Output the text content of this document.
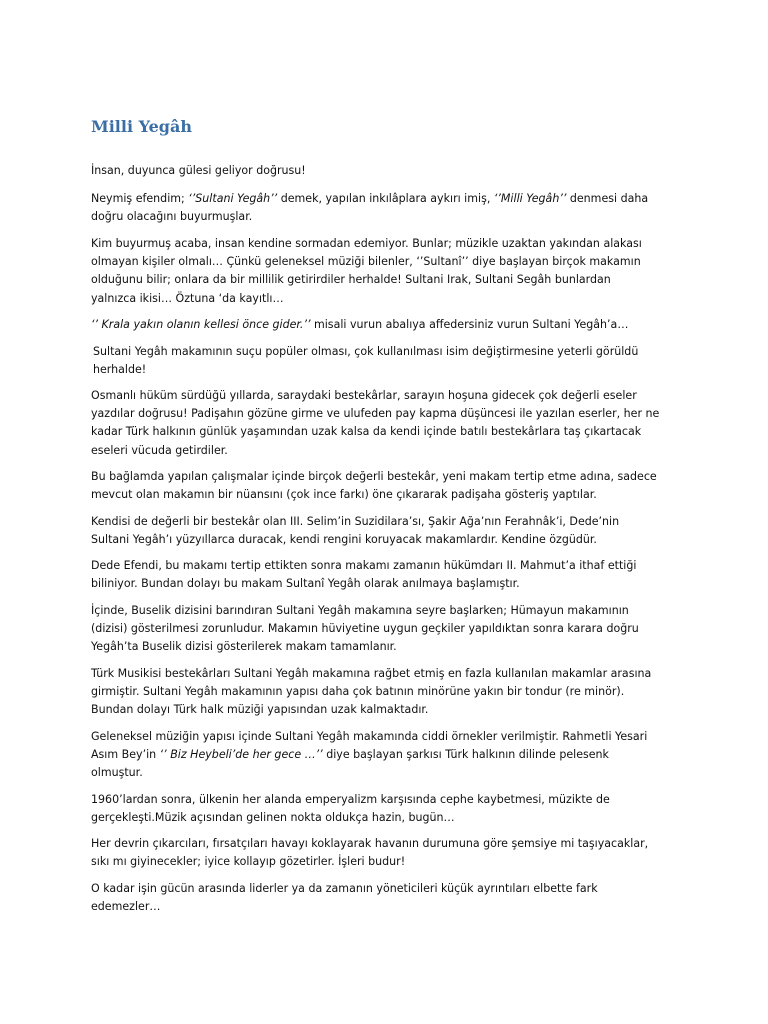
Milli Yegâh

İnsan, duyunca gülesi geliyor doğrusu!

Neymiş efendim; ‘’Sultani Yegâh’’ demek, yapılan inkılâplara aykırı imiş, ‘’Milli Yegâh’’ denmesi daha
doğru olacağını buyurmuşlar.

Kim buyurmuş acaba, insan kendine sormadan edemiyor. Bunlar; müzikle uzaktan yakından alakası
olmayan kişiler olmalı… Çünkü geleneksel müziği bilenler, ‘’Sultanî’’ diye başlayan birçok makamın
olduğunu bilir; onlara da bir millilik getirirdiler herhalde! Sultani Irak, Sultani Segâh bunlardan
yalnızca ikisi… Öztuna ‘da kayıtlı…

‘’ Krala yakın olanın kellesi önce gider.’’ misali vurun abalıya affedersiniz vurun Sultani Yegâh’a…

Sultani Yegâh makamının suçu popüler olması, çok kullanılması isim değiştirmesine yeterli görüldü
herhalde!

Osmanlı hüküm sürdüğü yıllarda, saraydaki bestekârlar, sarayın hoşuna gidecek çok değerli eseler
yazdılar doğrusu! Padişahın gözüne girme ve ulufeden pay kapma düşüncesi ile yazılan eserler, her ne
kadar Türk halkının günlük yaşamından uzak kalsa da kendi içinde batılı bestekârlara taş çıkartacak
eseleri vücuda getirdiler.

Bu bağlamda yapılan çalışmalar içinde birçok değerli bestekâr, yeni makam tertip etme adına, sadece
mevcut olan makamın bir nüansını (çok ince farkı) öne çıkararak padişaha gösteriş yaptılar.

Kendisi de değerli bir bestekâr olan III. Selim’in Suzidilara’sı, Şakir Ağa’nın Ferahnâk’i, Dede’nin
Sultani Yegâh’ı yüzyıllarca duracak, kendi rengini koruyacak makamlardır. Kendine özgüdür.

Dede Efendi, bu makamı tertip ettikten sonra makamı zamanın hükümdarı II. Mahmut’a ithaf ettiği
biliniyor. Bundan dolayı bu makam Sultanî Yegâh olarak anılmaya başlamıştır.

İçinde, Buselik dizisini barındıran Sultani Yegâh makamına seyre başlarken; Hümayun makamının
(dizisi) gösterilmesi zorunludur. Makamın hüviyetine uygun geçkiler yapıldıktan sonra karara doğru
Yegâh’ta Buselik dizisi gösterilerek makam tamamlanır.

Türk Musikisi bestekârları Sultani Yegâh makamına rağbet etmiş en fazla kullanılan makamlar arasına
girmiştir. Sultani Yegâh makamının yapısı daha çok batının minörüne yakın bir tondur (re minör).
Bundan dolayı Türk halk müziği yapısından uzak kalmaktadır.

Geleneksel müziğin yapısı içinde Sultani Yegâh makamında ciddi örnekler verilmiştir. Rahmetli Yesari
Asım Bey’in ‘’ Biz Heybeli’de her gece …’’ diye başlayan şarkısı Türk halkının dilinde pelesenk
olmuştur.

1960’lardan sonra, ülkenin her alanda emperyalizm karşısında cephe kaybetmesi, müzikte de
gerçekleşti.Müzik açısından gelinen nokta oldukça hazin, bugün…

Her devrin çıkarcıları, fırsatçıları havayı koklayarak havanın durumuna göre şemsiye mi taşıyacaklar,
sıkı mı giyinecekler; iyice kollayıp gözetirler. İşleri budur!

O kadar işin gücün arasında liderler ya da zamanın yöneticileri küçük ayrıntıları elbette fark
edemezler…
